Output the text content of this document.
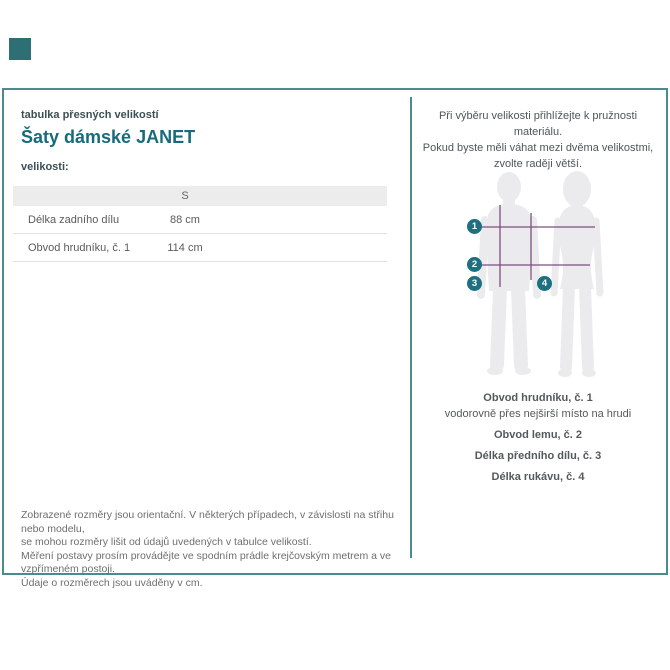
tabulka přesných velikostí
Šaty dámské JANET
velikosti:
	S	
Délka zadního dílu	88 cm	
Obvod hrudníku, č. 1	114 cm	
Zobrazené rozměry jsou orientační. V některých případech, v závislosti na střihu nebo modelu,
se mohou rozměry lišit od údajů uvedených v tabulce velikostí.
Měření postavy prosím provádějte ve spodním prádle krejčovským metrem a ve vzpřímeném postoji.
Údaje o rozměrech jsou uváděny v cm.
Při výběru velikosti přihlížejte k pružnosti materiálu.
Pokud byste měli váhat mezi dvěma velikostmi,
zvolte raději větší.
1
2
3	4
Obvod hrudníku, č. 1
vodorovně přes nejširší místo na hrudi
Obvod lemu, č. 2
Délka předního dílu, č. 3
Délka rukávu, č. 4
